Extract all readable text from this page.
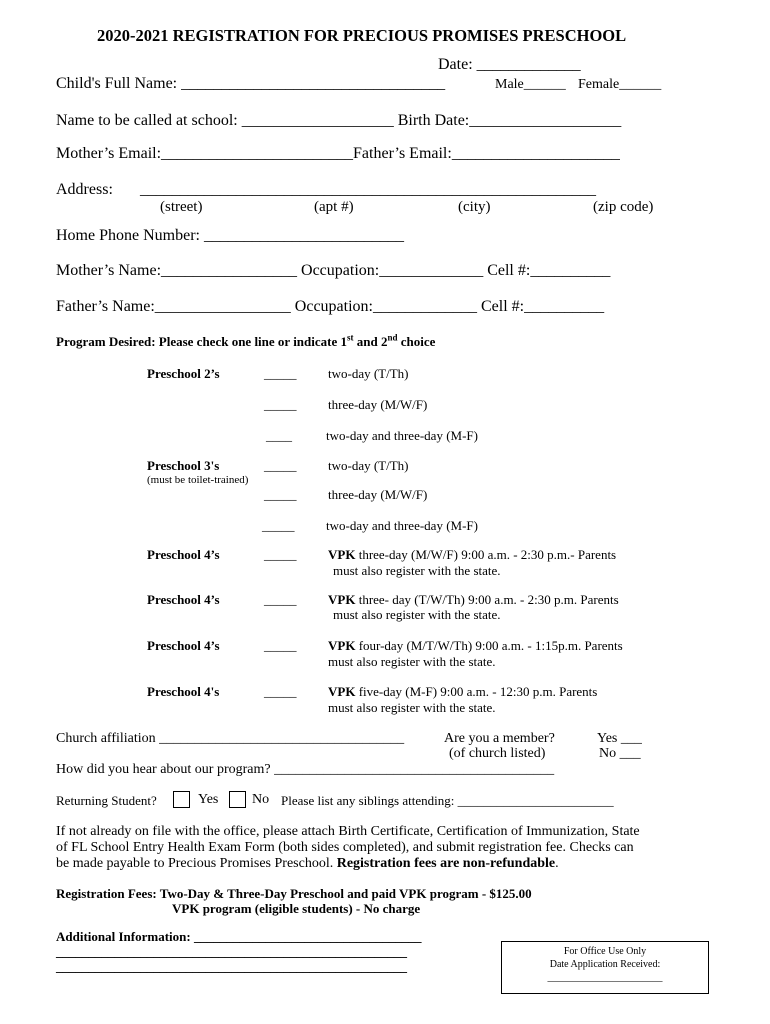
2020-2021 REGISTRATION FOR PRECIOUS PROMISES PRESCHOOL
Date: _____________
Child's Full Name: _________________________________	Male______ Female______
Name to be called at school: ___________________ Birth Date:___________________
Mother’s Email:________________________Father’s Email:_____________________
Address: _________________________________________________________
(street)	(apt #)	(city)	(zip code)
Home Phone Number: _________________________
Mother’s Name:_________________ Occupation:_____________ Cell #:__________
Father’s Name:_________________ Occupation:_____________ Cell #:__________
Program Desired: Please check one line or indicate 1st and 2nd choice
Preschool 2’s	_____ two-day (T/Th)
_____ three-day (M/W/F)
____	two-day and three-day (M-F)
Preschool 3's
(must be toilet-trained)
_____ two-day (T/Th)
_____ three-day (M/W/F)
_____ two-day and three-day (M-F)
Preschool 4’s	_____ VPK three-day (M/W/F) 9:00 a.m. - 2:30 p.m.- Parents
must also register with the state.
Preschool 4’s	_____ VPK three- day (T/W/Th) 9:00 a.m. - 2:30 p.m. Parents
must also register with the state.
Preschool 4’s	_____ VPK four-day (M/T/W/Th) 9:00 a.m. - 1:15p.m. Parents
must also register with the state.
Preschool 4's	_____ VPK five-day (M-F) 9:00 a.m. - 12:30 p.m. Parents
must also register with the state.
Church affiliation ___________________________________	Are you a member?
(of church listed)
Yes ___
No ___
How did you hear about our program? ________________________________________
Returning Student?	Yes No Please list any siblings attending: ________________________
If not already on file with the office, please attach Birth Certificate, Certification of Immunization, State
of FL School Entry Health Exam Form (both sides completed), and submit registration fee. Checks can
be made payable to Precious Promises Preschool. Registration fees are non-refundable.
Registration Fees: Two-Day & Three-Day Preschool and paid VPK program - $125.00
VPK program (eligible students) - No charge
Additional Information: ___________________________________
______________________________________________________
______________________________________________________
For Office Use Only
Date Application Received:
_______________________
